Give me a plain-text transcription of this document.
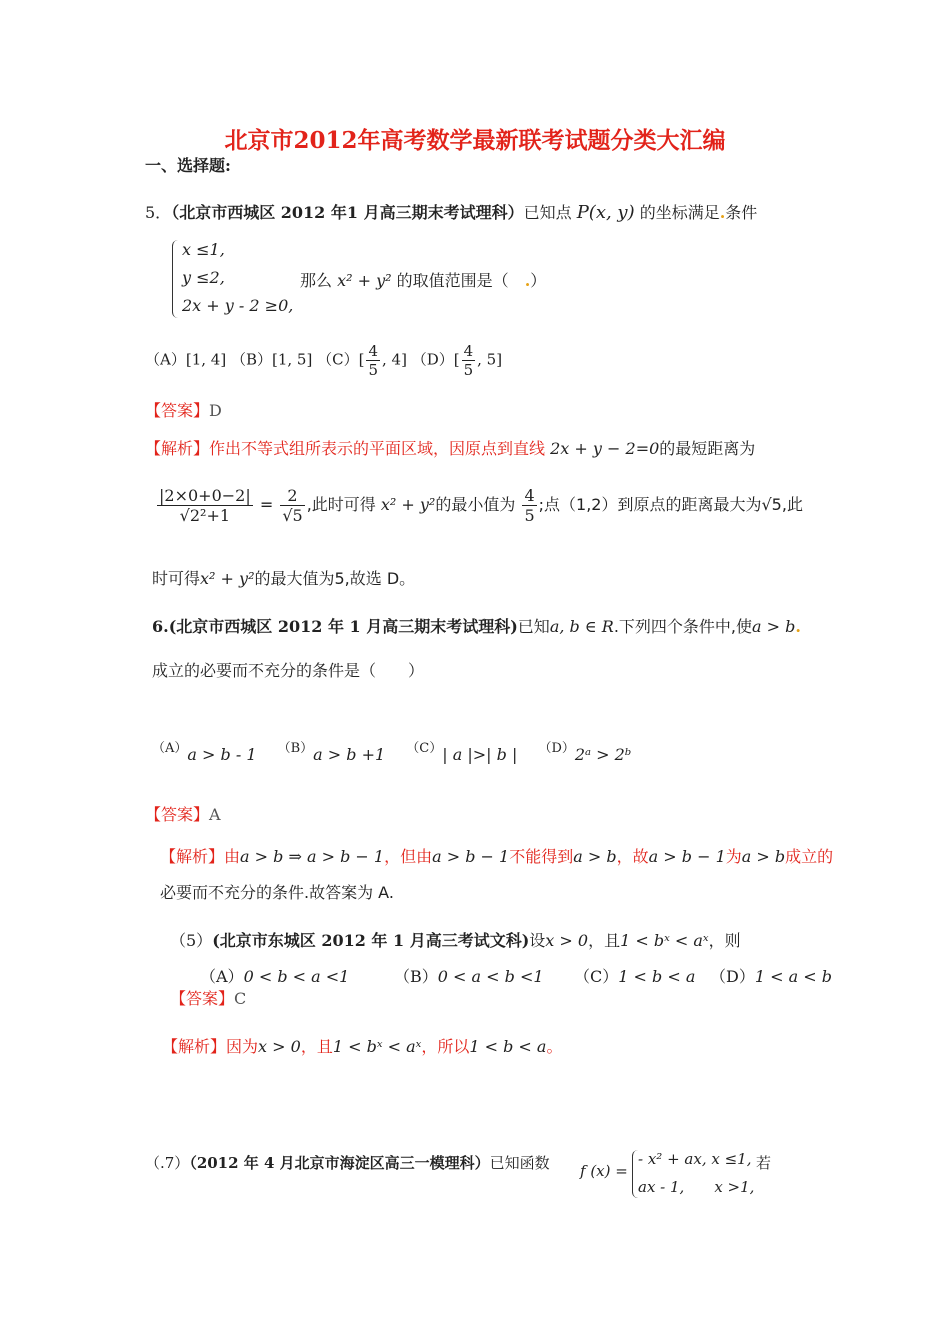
北京市2012年高考数学最新联考试题分类大汇编
一、选择题:
5．（北京市西城区 2012 年1 月高三期末考试理科）已知点 P(x, y) 的坐标满足.条件
x ≤1,
y ≤2,
2x + y - 2 ≥0,
那么 x² + y² 的取值范围是（　 .）
（A）[1, 4] （B）[1, 5] $(C)[ \frac{4}{5}$ , 4] $(D)[ \frac{4}{5}$ , 5]
【答案】D
【解析】作出不等式组所表示的平面区域，因原点到直线 2x + y − 2=0的最短距离为
$\frac{|2\times 0+0-2|}{\text{√2²+1}} = \frac{2}{√5}$ ,此时可得 x² + y²的最小值为 $\frac{4}{5}$ ;点（1,2）到原点的距离最大为√5,此
时可得x² + y²的最大值为5,故选 D。
6.(北京市西城区 2012 年 1 月高三期末考试理科)已知a, b ∈ R.下列四个条件中,使a > b.
成立的必要而不充分的条件是（　　）
$^{(A)}$a > b - 1　 $^{(B)}$a > b +1　 $^{(C)}$| a |>| b |　 $^{(D)}$2ᵃ > 2ᵇ
【答案】A
【解析】由a > b ⇒ a > b − 1，但由a > b − 1不能得到a > b，故a > b − 1为a > b成立的
必要而不充分的条件.故答案为 A.
（5）(北京市东城区 2012 年 1 月高三考试文科)设x > 0，且1 < bˣ < aˣ，则
（A）0 < b < a <1	（B）0 < a < b <1 （C）1 < b < a （D）1 < a < b
【答案】C
【解析】因为x > 0，且1 < bˣ < aˣ，所以1 < b < a。
（.7）（2012 年 4 月北京市海淀区高三一模理科）已知函数 f (x) =
- x² + ax, x ≤1,
ax - 1,　　x >1,
若
